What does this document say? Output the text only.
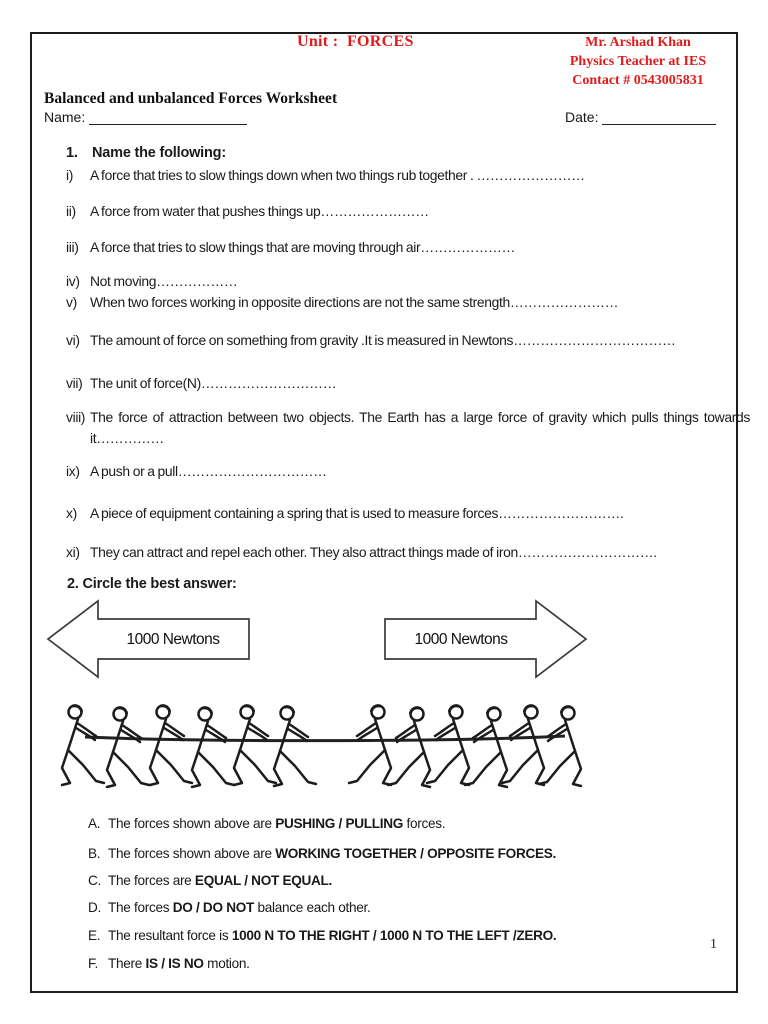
Unit :  FORCES	Mr. Arshad Khan
Physics Teacher at IES
Contact # 0543005831
Balanced and unbalanced Forces Worksheet
Name:	Date:
1. Name the following:
i) A force that tries to slow things down when two things rub together . ……………………
ii) A force from water that pushes things up……………………
iii) A force that tries to slow things that are moving through air…………………
iv) Not moving………………
v) When two forces working in opposite directions are not the same strength……………………
vi) The amount of force on something from gravity .It is measured in Newtons………………………………
vii) The unit of force(N)…………………………
viii) The force of attraction between two objects. The Earth has a large force of gravity which pulls things towards it……………
ix) A push or a pull……………………………
x) A piece of equipment containing a spring that is used to measure forces……………………….
xi) They can attract and repel each other. They also attract things made of iron………………………….
2. Circle the best answer:
1000 Newtons	1000 Newtons
A. The forces shown above are PUSHING / PULLING forces.
B. The forces shown above are WORKING TOGETHER / OPPOSITE FORCES.
C. The forces are EQUAL / NOT EQUAL.
D. The forces DO / DO NOT balance each other.
E. The resultant force is 1000 N TO THE RIGHT / 1000 N TO THE LEFT /ZERO.
F. There IS / IS NO motion.
1
